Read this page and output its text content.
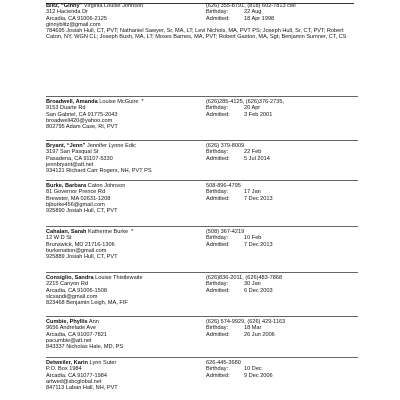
Blitz, “Ginny” Virginia Louise Johnson
312 Hacienda Dr
Arcadia, CA 91006-2125
(626) 355-8791, (818) 602-7813 cell
Birthday:	22 Aug
Admitted:	18 Apr 1998
ginnyblitz@gmail.com
784695 Josiah Hull, CT, PVT; Nathaniel Sawyer, Sr, MA, LT; Levi Nichols, MA, PVT PS; Joseph Hull, Sr, CT, PVT; Robert Caton, NY, WGN CL; Joseph Bush, MA, LT; Moses Barnes, MA, PVT; Robert Gaston, MA, Sgt; Benjamin Sumner, CT, CS
Broadwell, Amanda Louise McGuire *
9153 Duarte Rd
San Gabriel, CA 91775-2043
(626)285-4125, (626)376-2735,
Birthday:	20 Apr
Admitted:	3 Feb 2001
broadwell420@yahoo.com
802795 Adam Case, RI, PVT
Bryant, “Jenn” Jennifer Lynne Edic
3197 San Pasqual St
Pasadena, CA 91107-5330
(626) 379-8009
Birthday:	22 Feb
Admitted:	5 Jul 2014
jennbryant@att.net
934121 Richard Carr Rogers, NH, PVT PS
Burke, Barbara Caton Johnson
81 Governor Prence Rd
Brewster, MA 02631-1208
508-896-4795
Birthday:	17 Jan
Admitted:	7 Dec 2013
bjburke456@gmail.com
925890 Josiah Hull, CT, PVT
Cahalan, Sarah Katherine Burke *
12 W D St
Brunswick, MD 21716-1306
(508) 367-4219
Birthday:	10 Feb
Admitted:	7 Dec 2013
burkenation@gmail.com
925889 Josiah Hull, CT, PVT
Consiglio, Sandra Louise Thistlewaite
2215 Canyon Rd
Arcadia, CA 91006-1508
(626)836-2011, (626)483-7868
Birthday:	30 Jan
Admitted:	6 Dec 2003
slcsandi@gmail.com
823468 Benjamin Leigh, MA, FIF
Cumbie, Phyllis Ann
9656 Andrelade Ave
Arcadia, CA 91007-7821
(626) 574-9929, (626) 429-1163
Birthday:	18 Mar
Admitted:	26 Jun 2006
pacumbie@att.net
843337 Nicholas Hale, MD, PS
Detweiler, Karin Lynn Suter
P.O. Box 1984
Arcadia, CA 91077-1984
626-445-3680
Birthday:	10 Dec
Admitted:	9 Dec 2006
artwed@sbcglobal.net
847113 Laban Hall, NH, PVT
